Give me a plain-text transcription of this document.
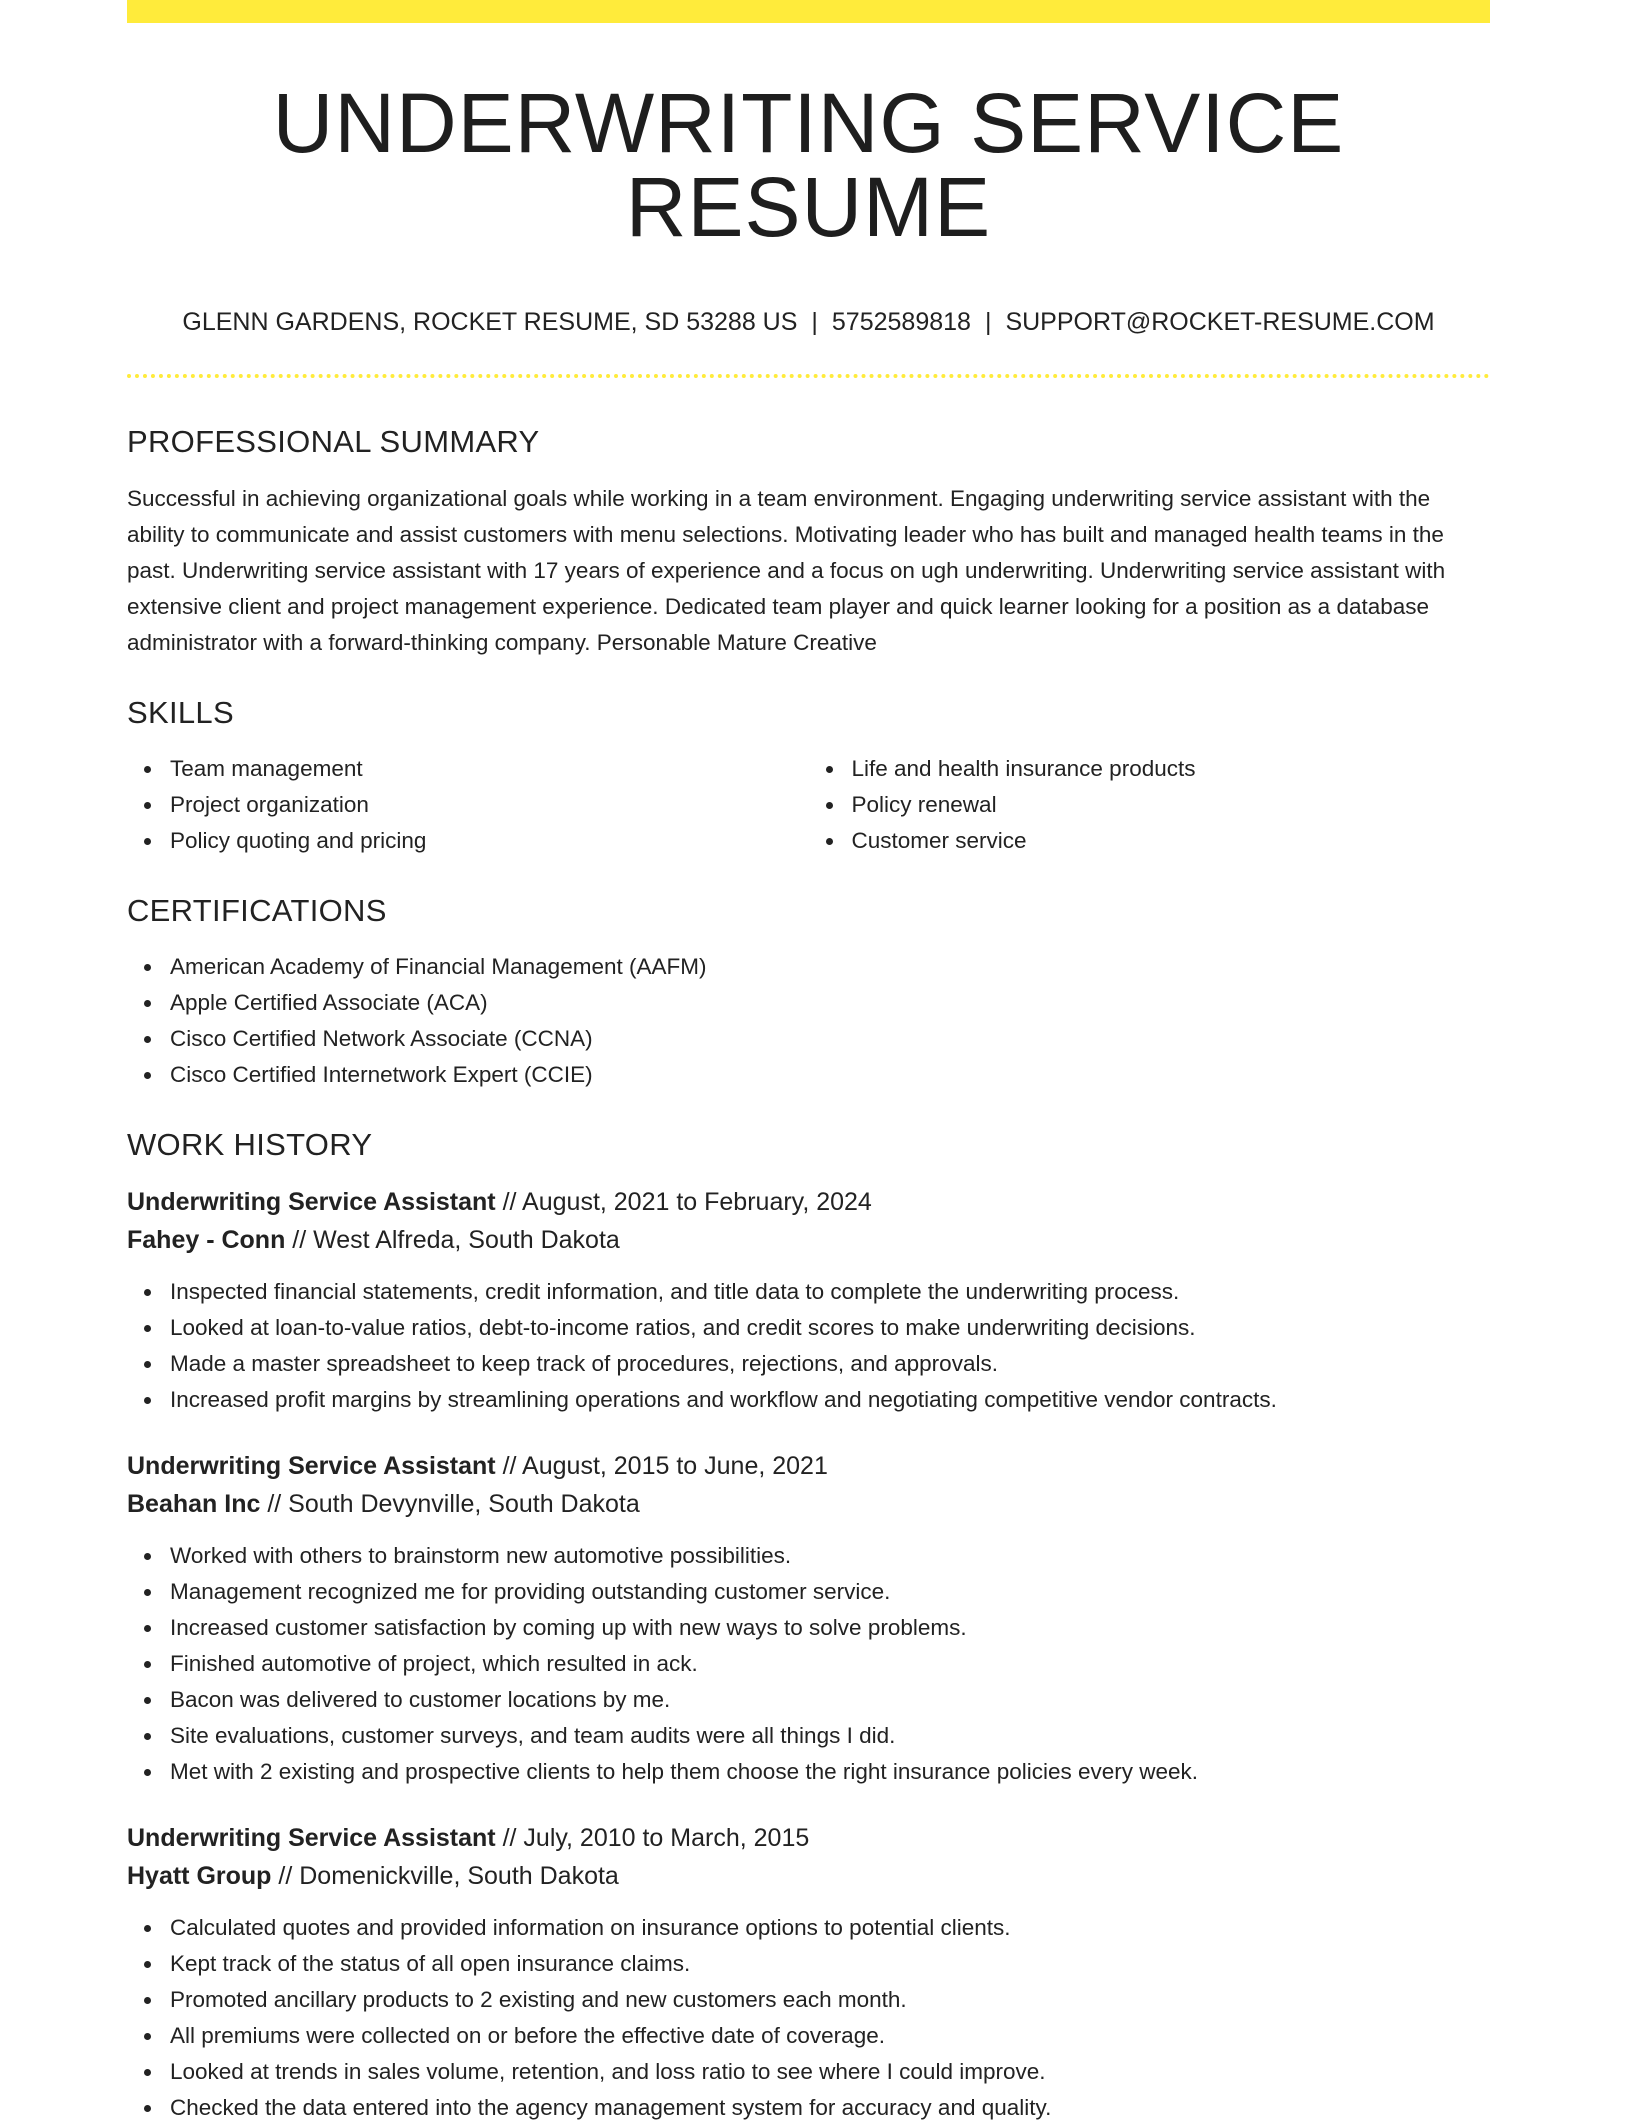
UNDERWRITING SERVICE RESUME
GLENN GARDENS, ROCKET RESUME, SD 53288 US | 5752589818 | SUPPORT@ROCKET-RESUME.COM
PROFESSIONAL SUMMARY

Successful in achieving organizational goals while working in a team environment. Engaging underwriting service assistant with the ability to communicate and assist customers with menu selections. Motivating leader who has built and managed health teams in the past. Underwriting service assistant with 17 years of experience and a focus on ugh underwriting. Underwriting service assistant with extensive client and project management experience. Dedicated team player and quick learner looking for a position as a database administrator with a forward-thinking company. Personable Mature Creative

SKILLS
Team management
Project organization
Policy quoting and pricing
Life and health insurance products
Policy renewal
Customer service
CERTIFICATIONS
American Academy of Financial Management (AAFM)
Apple Certified Associate (ACA)
Cisco Certified Network Associate (CCNA)
Cisco Certified Internetwork Expert (CCIE)
WORK HISTORY
Underwriting Service Assistant // August, 2021 to February, 2024
Fahey - Conn // West Alfreda, South Dakota
Inspected financial statements, credit information, and title data to complete the underwriting process.
Looked at loan-to-value ratios, debt-to-income ratios, and credit scores to make underwriting decisions.
Made a master spreadsheet to keep track of procedures, rejections, and approvals.
Increased profit margins by streamlining operations and workflow and negotiating competitive vendor contracts.
Underwriting Service Assistant // August, 2015 to June, 2021
Beahan Inc // South Devynville, South Dakota
Worked with others to brainstorm new automotive possibilities.
Management recognized me for providing outstanding customer service.
Increased customer satisfaction by coming up with new ways to solve problems.
Finished automotive of project, which resulted in ack.
Bacon was delivered to customer locations by me.
Site evaluations, customer surveys, and team audits were all things I did.
Met with 2 existing and prospective clients to help them choose the right insurance policies every week.
Underwriting Service Assistant // July, 2010 to March, 2015
Hyatt Group // Domenickville, South Dakota
Calculated quotes and provided information on insurance options to potential clients.
Kept track of the status of all open insurance claims.
Promoted ancillary products to 2 existing and new customers each month.
All premiums were collected on or before the effective date of coverage.
Looked at trends in sales volume, retention, and loss ratio to see where I could improve.
Checked the data entered into the agency management system for accuracy and quality.
